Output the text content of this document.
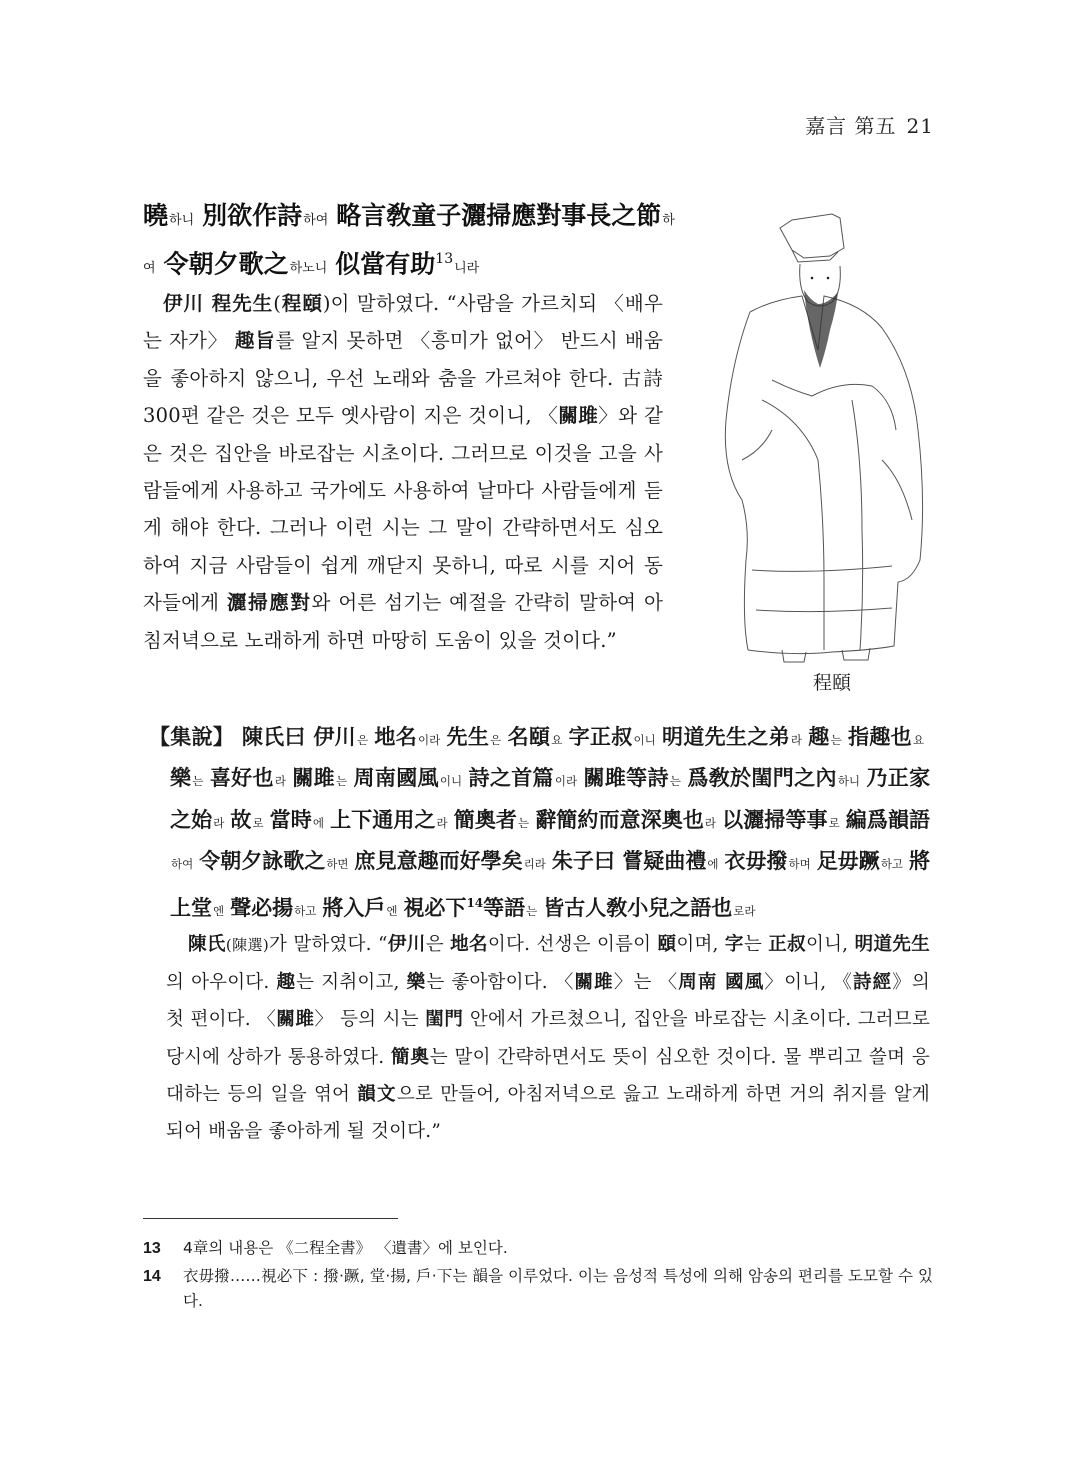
嘉言 第五 21
曉하니 別欲作詩하여 略言敎童子灑掃應對事長之節하여 令朝夕歌之하노니 似當有助$^{13}$니라
伊川 程先生(程頤)이 말하였다. “사람을 가르치되 〈배우는 자가〉 趣旨를 알지 못하면 〈흥미가 없어〉 반드시 배움을 좋아하지 않으니, 우선 노래와 춤을 가르쳐야 한다. 古詩 300편 같은 것은 모두 옛사람이 지은 것이니, 〈關雎〉와 같은 것은 집안을 바로잡는 시초이다. 그러므로 이것을 고을 사람들에게 사용하고 국가에도 사용하여 날마다 사람들에게 듣게 해야 한다. 그러나 이런 시는 그 말이 간략하면서도 심오하여 지금 사람들이 쉽게 깨닫지 못하니, 따로 시를 지어 동자들에게 灑掃應對와 어른 섬기는 예절을 간략히 말하여 아침저녁으로 노래하게 하면 마땅히 도움이 있을 것이다.”
程頤
【集說】 陳氏曰 伊川은 地名이라 先生은 名頤요 字正叔이니 明道先生之弟라 趣는 指趣也요樂는 喜好也라 關雎는 周南國風이니 詩之首篇이라 關雎等詩는 爲敎於閨門之內하니 乃正家之始라 故로 當時에 上下通用之라 簡奧者는 辭簡約而意深奧也라 以灑掃等事로 編爲韻語하여 令朝夕詠歌之하면 庶見意趣而好學矣리라 朱子曰 嘗疑曲禮에 衣毋撥하며 足毋蹶하고 將上堂엔 聲必揚하고 將入戶엔 視必下$^{14}$等語는 皆古人敎小兒之語也로라
陳氏(陳選)가 말하였다. “伊川은 地名이다. 선생은 이름이 頤이며, 字는 正叔이니, 明道先生의 아우이다. 趣는 지취이고, 樂는 좋아함이다. 〈關雎〉는 〈周南 國風〉이니, 《詩經》의 첫 편이다. 〈關雎〉 등의 시는 閨門 안에서 가르쳤으니, 집안을 바로잡는 시초이다. 그러므로 당시에 상하가 통용하였다. 簡奧는 말이 간략하면서도 뜻이 심오한 것이다. 물 뿌리고 쓸며 응대하는 등의 일을 엮어 韻文으로 만들어, 아침저녁으로 읊고 노래하게 하면 거의 취지를 알게 되어 배움을 좋아하게 될 것이다.”
13	4章의 내용은 《二程全書》 〈遺書〉에 보인다.
14	衣毋撥……視必下 : 撥·蹶, 堂·揚, 戶·下는 韻을 이루었다. 이는 음성적 특성에 의해 암송의 편리를 도모할 수 있다.
